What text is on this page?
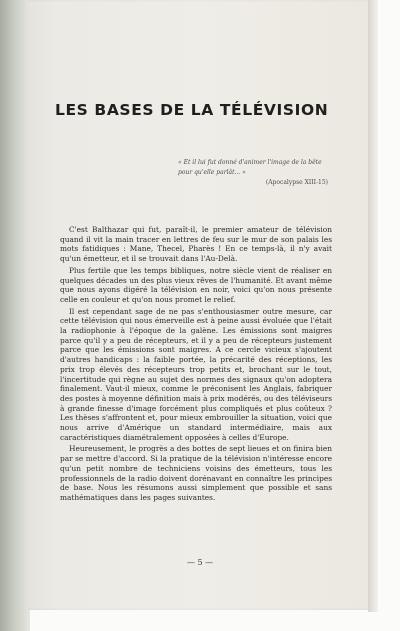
LES BASES DE LA TÉLÉVISION

« Et il lui fut donné d'animer l'image de la bête pour qu'elle parlât... »

(Apocalypse XIII-15)

C'est Balthazar qui fut, paraît-il, le premier amateur de télévision quand il vit la main tracer en lettres de feu sur le mur de son palais les mots fatidiques : Mane, Thecel, Pharès ! En ce temps-là, il n'y avait qu'un émetteur, et il se trouvait dans l'Au-Delà.

Plus fertile que les temps bibliques, notre siècle vient de réaliser en quelques décades un des plus vieux rêves de l'humanité. Et avant même que nous ayons digéré la télévision en noir, voici qu'on nous présente celle en couleur et qu'on nous promet le relief.

Il est cependant sage de ne pas s'enthousiasmer outre mesure, car cette télévision qui nous émerveille est à peine aussi évoluée que l'était la radiophonie à l'époque de la galène. Les émissions sont maigres parce qu'il y a peu de récepteurs, et il y a peu de récepteurs justement parce que les émissions sont maigres. A ce cercle vicieux s'ajoutent d'autres handicaps : la faible portée, la précarité des réceptions, les prix trop élevés des récepteurs trop petits et, brochant sur le tout, l'incertitude qui règne au sujet des normes des signaux qu'on adoptera finalement. Vaut-il mieux, comme le préconisent les Anglais, fabriquer des postes à moyenne définition mais à prix modérés, ou des téléviseurs à grande finesse d'image forcément plus compliqués et plus coûteux ? Les thèses s'affrontent et, pour mieux embrouiller la situation, voici que nous arrive d'Amérique un standard intermédiaire, mais aux caractéristiques diamétralement opposées à celles d'Europe.

Heureusement, le progrès a des bottes de sept lieues et on finira bien par se mettre d'accord. Si la pratique de la télévision n'intéresse encore qu'un petit nombre de techniciens voisins des émetteurs, tous les professionnels de la radio doivent dorénavant en connaître les principes de base. Nous les résumons aussi simplement que possible et sans mathématiques dans les pages suivantes.

— 5 —
